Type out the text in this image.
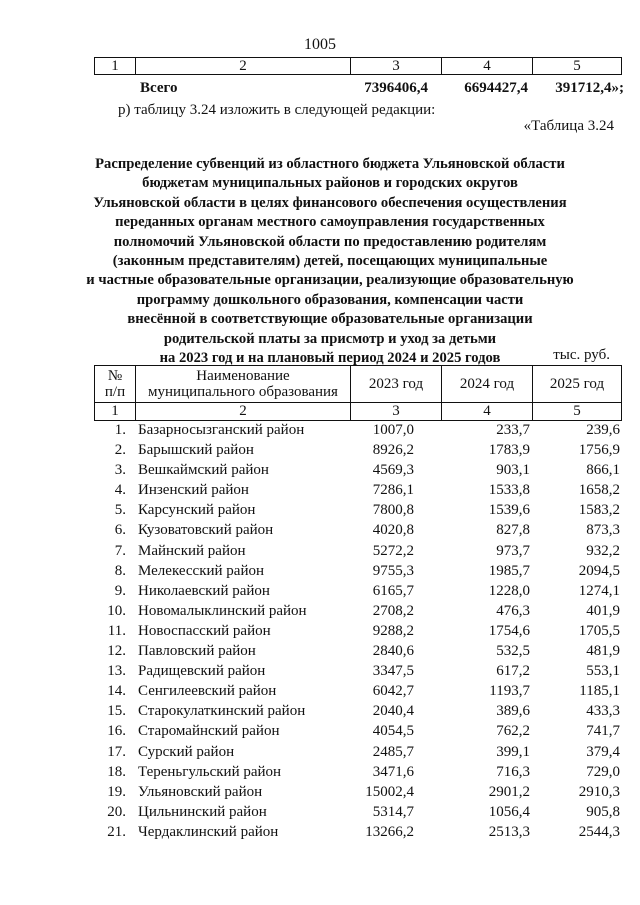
1005
1	2	3	4	5
Всего	7396406,4	6694427,4	391712,4»;
р) таблицу 3.24 изложить в следующей редакции:
«Таблица 3.24
Распределение субвенций из областного бюджета Ульяновской области
бюджетам муниципальных районов и городских округов
Ульяновской области в целях финансового обеспечения осуществления
переданных органам местного самоуправления государственных
полномочий Ульяновской области по предоставлению родителям
(законным представителям) детей, посещающих муниципальные
и частные образовательные организации, реализующие образовательную
программу дошкольного образования, компенсации части
внесённой в соответствующие образовательные организации
родительской платы за присмотр и уход за детьми
на 2023 год и на плановый период 2024 и 2025 годов	тыс. руб.
№
п/п
Наименование
муниципального образования	2023 год	2024 год	2025 год
1	2	3	4	5
1. Базарносызганский район	1007,0	233,7	239,6
2. Барышский район	8926,2	1783,9	1756,9
3. Вешкаймский район	4569,3	903,1	866,1
4. Инзенский район	7286,1	1533,8	1658,2
5. Карсунский район	7800,8	1539,6	1583,2
6. Кузоватовский район	4020,8	827,8	873,3
7. Майнский район	5272,2	973,7	932,2
8. Мелекесский район	9755,3	1985,7	2094,5
9. Николаевский район	6165,7	1228,0	1274,1
10. Новомалыклинский район	2708,2	476,3	401,9
11. Новоспасский район	9288,2	1754,6	1705,5
12. Павловский район	2840,6	532,5	481,9
13. Радищевский район	3347,5	617,2	553,1
14. Сенгилеевский район	6042,7	1193,7	1185,1
15. Старокулаткинский район	2040,4	389,6	433,3
16. Старомайнский район	4054,5	762,2	741,7
17. Сурский район	2485,7	399,1	379,4
18. Тереньгульский район	3471,6	716,3	729,0
19. Ульяновский район	15002,4	2901,2	2910,3
20. Цильнинский район	5314,7	1056,4	905,8
21. Чердаклинский район	13266,2	2513,3	2544,3
